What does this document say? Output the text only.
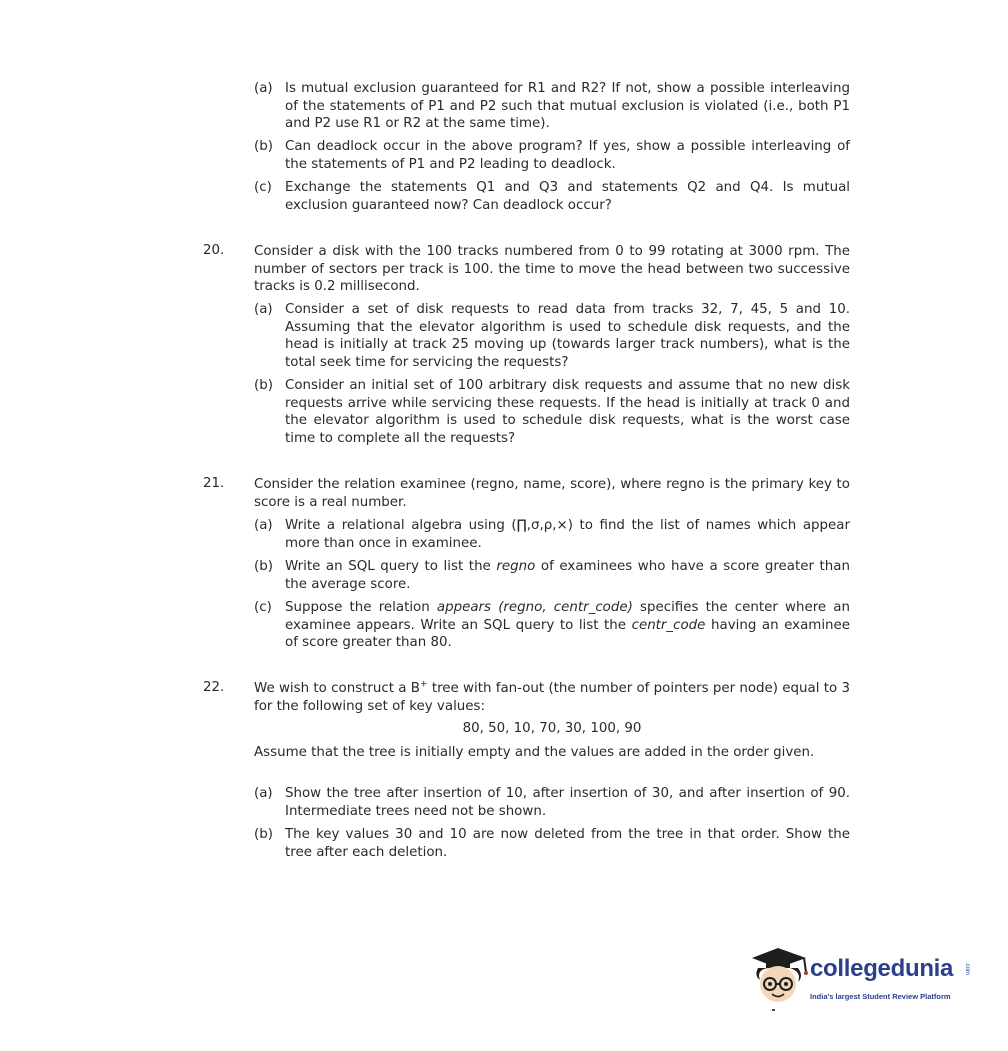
(a) Is mutual exclusion guaranteed for R1 and R2? If not, show a possible interleaving of the statements of P1 and P2 such that mutual exclusion is violated (i.e., both P1 and P2 use R1 or R2 at the same time).
(b) Can deadlock occur in the above program? If yes, show a possible interleaving of the statements of P1 and P2 leading to deadlock.
(c) Exchange the statements Q1 and Q3 and statements Q2 and Q4. Is mutual exclusion guaranteed now? Can deadlock occur?
20. Consider a disk with the 100 tracks numbered from 0 to 99 rotating at 3000 rpm. The number of sectors per track is 100. the time to move the head between two successive tracks is 0.2 millisecond.
(a) Consider a set of disk requests to read data from tracks 32, 7, 45, 5 and 10. Assuming that the elevator algorithm is used to schedule disk requests, and the head is initially at track 25 moving up (towards larger track numbers), what is the total seek time for servicing the requests?
(b) Consider an initial set of 100 arbitrary disk requests and assume that no new disk requests arrive while servicing these requests. If the head is initially at track 0 and the elevator algorithm is used to schedule disk requests, what is the worst case time to complete all the requests?
21. Consider the relation examinee (regno, name, score), where regno is the primary key to score is a real number.
(a) Write a relational algebra using (∏,σ,ρ,×) to find the list of names which appear more than once in examinee.
(b) Write an SQL query to list the regno of examinees who have a score greater than the average score.
(c) Suppose the relation appears (regno, centr_code) specifies the center where an examinee appears. Write an SQL query to list the centr_code having an examinee of score greater than 80.
22. We wish to construct a B+ tree with fan-out (the number of pointers per node) equal to 3 for the following set of key values:
80, 50, 10, 70, 30, 100, 90
Assume that the tree is initially empty and the values are added in the order given.
(a) Show the tree after insertion of 10, after insertion of 30, and after insertion of 90. Intermediate trees need not be shown.
(b) The key values 30 and 10 are now deleted from the tree in that order. Show the tree after each deletion.
collegedunia .com
India's largest Student Review Platform
